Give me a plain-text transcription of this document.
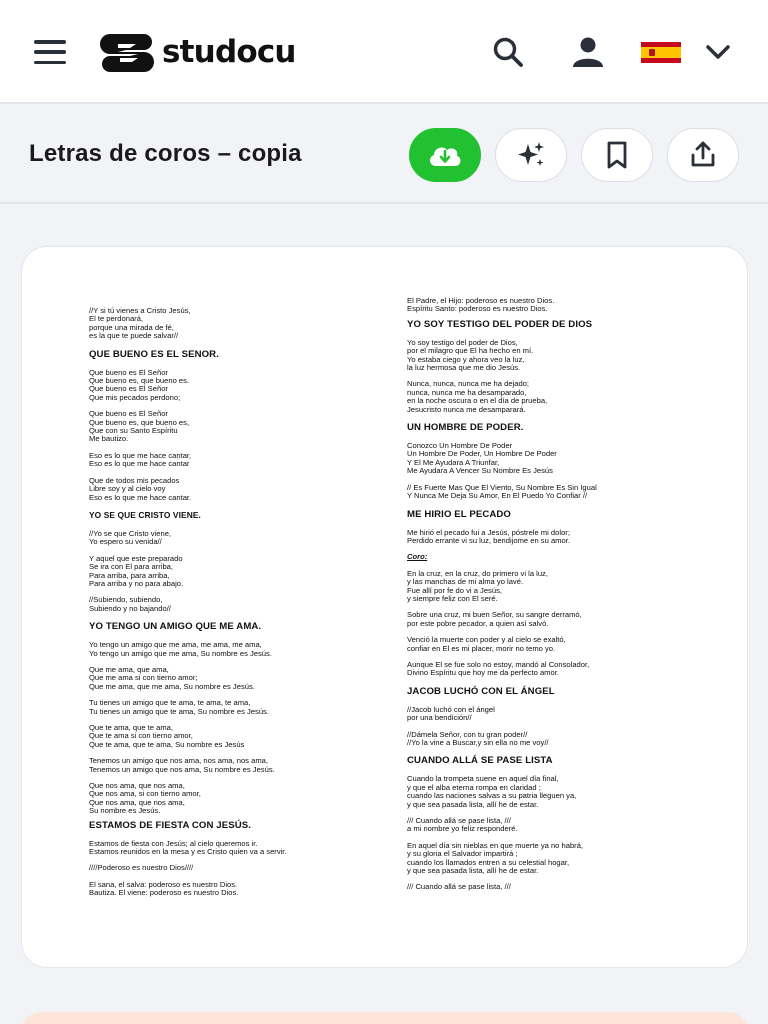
studocu
Letras de coros – copia

//Y si tú vienes a Cristo Jesús,
El te perdonará,
porque una mirada de fé,
es la que te puede salvar//

QUE BUENO ES EL SENOR.

Que bueno es El Señor
Que bueno es, que bueno es.
Que bueno es El Señor
Que mis pecados perdono;

Que bueno es El Señor
Que bueno es, que bueno es,
Que con su Santo Espíritu
Me bautizo.

Eso es lo que me hace cantar,
Eso es lo que me hace cantar

Que de todos mis pecados
Libre soy y al cielo voy
Eso es lo que me hace cantar.

YO SE QUE CRISTO VIENE.

//Yo se que Cristo viene,
Yo espero su venida//

Y aquel que este preparado
Se ira con El para arriba,
Para arriba, para arriba,
Para arriba y no para abajo.

//Subiendo, subiendo,
Subiendo y no bajando//

YO TENGO UN AMIGO QUE ME AMA.

Yo tengo un amigo que me ama, me ama, me ama,
Yo tengo un amigo que me ama, Su nombre es Jesús.

Que me ama, que ama,
Que me ama si con tierno amor;
Que me ama, que me ama, Su nombre es Jesús.

Tu tienes un amigo que te ama, te ama, te ama,
Tu tienes un amigo que te ama, Su nombre es Jesús.

Que te ama, que te ama,
Que te ama si con tierno amor,
Que te ama, que te ama, Su nombre es Jesús

Tenemos un amigo que nos ama, nos ama, nos ama,
Tenemos un amigo que nos ama, Su nombre es Jesús.

Que nos ama, que nos ama,
Que nos ama, si con tierno amor,
Que nos ama, que nos ama,
Su nombre es Jesús.

ESTAMOS DE FIESTA CON JESÚS.

Estamos de fiesta con Jesús; al cielo queremos ir.
Estamos reunidos en la mesa y es Cristo quien va a servir.

////Poderoso es nuestro Dios////

El sana, el salva: poderoso es nuestro Dios.
Bautiza. El viene: poderoso es nuestro Dios.

El Padre, el Hijo: poderoso es nuestro Dios.
Espíritu Santo: poderoso es nuestro Dios.

YO SOY TESTIGO DEL PODER DE DIOS

Yo soy testigo del poder de Dios,
por el milagro que El ha hecho en mí.
Yo estaba ciego y ahora veo la luz,
la luz hermosa que me dio Jesús.

Nunca, nunca, nunca me ha dejado;
nunca, nunca me ha desamparado,
en la noche oscura o en el día de prueba,
Jesucristo nunca me desamparará.

UN HOMBRE DE PODER.

Conozco Un Hombre De Poder
Un Hombre De Poder, Un Hombre De Poder
Y El Me Ayudara A Triunfar,
Me Ayudara A Vencer Su Nombre Es Jesús

// Es Fuerte Mas Que El Viento, Su Nombre Es Sin Igual
Y Nunca Me Deja Su Amor, En El Puedo Yo Confiar //

ME HIRIO EL PECADO

Me hirió el pecado fui a Jesús, póstrele mi dolor;
Perdido errante vi su luz, bendijome en su amor.

Coro:

En la cruz, en la cruz, do primero vi la luz,
y las manchas de mi alma yo lavé.
Fue allí por fe do vi a Jesús,
y siempre feliz con El seré.

Sobre una cruz, mi buen Señor, su sangre derramó,
por este pobre pecador, a quien así salvó.

Venció la muerte con poder y al cielo se exaltó,
confiar en El es mi placer, morir no temo yo.

Aunque El se fue solo no estoy, mandó al Consolador,
Divino Espíritu que hoy me da perfecto amor.

JACOB LUCHÓ CON EL ÁNGEL

//Jacob luchó con el ángel
por una bendición//

//Dámela Señor, con tu gran poder//
//Yo la vine a Buscar,y sin ella no me voy//

CUANDO ALLÁ SE PASE LISTA

Cuando la trompeta suene en aquel día final,
y que el alba eterna rompa en claridad ;
cuando las naciones salvas a su patria lleguen ya,
y que sea pasada lista, allí he de estar.

/// Cuando allá se pase lista, ///
a mi nombre yo feliz responderé.

En aquel día sin nieblas en que muerte ya no habrá,
y su gloria el Salvador impartirá ;
cuando los llamados entren a su celestial hogar,
y que sea pasada lista, allí he de estar.

/// Cuando allá se pase lista, ///
